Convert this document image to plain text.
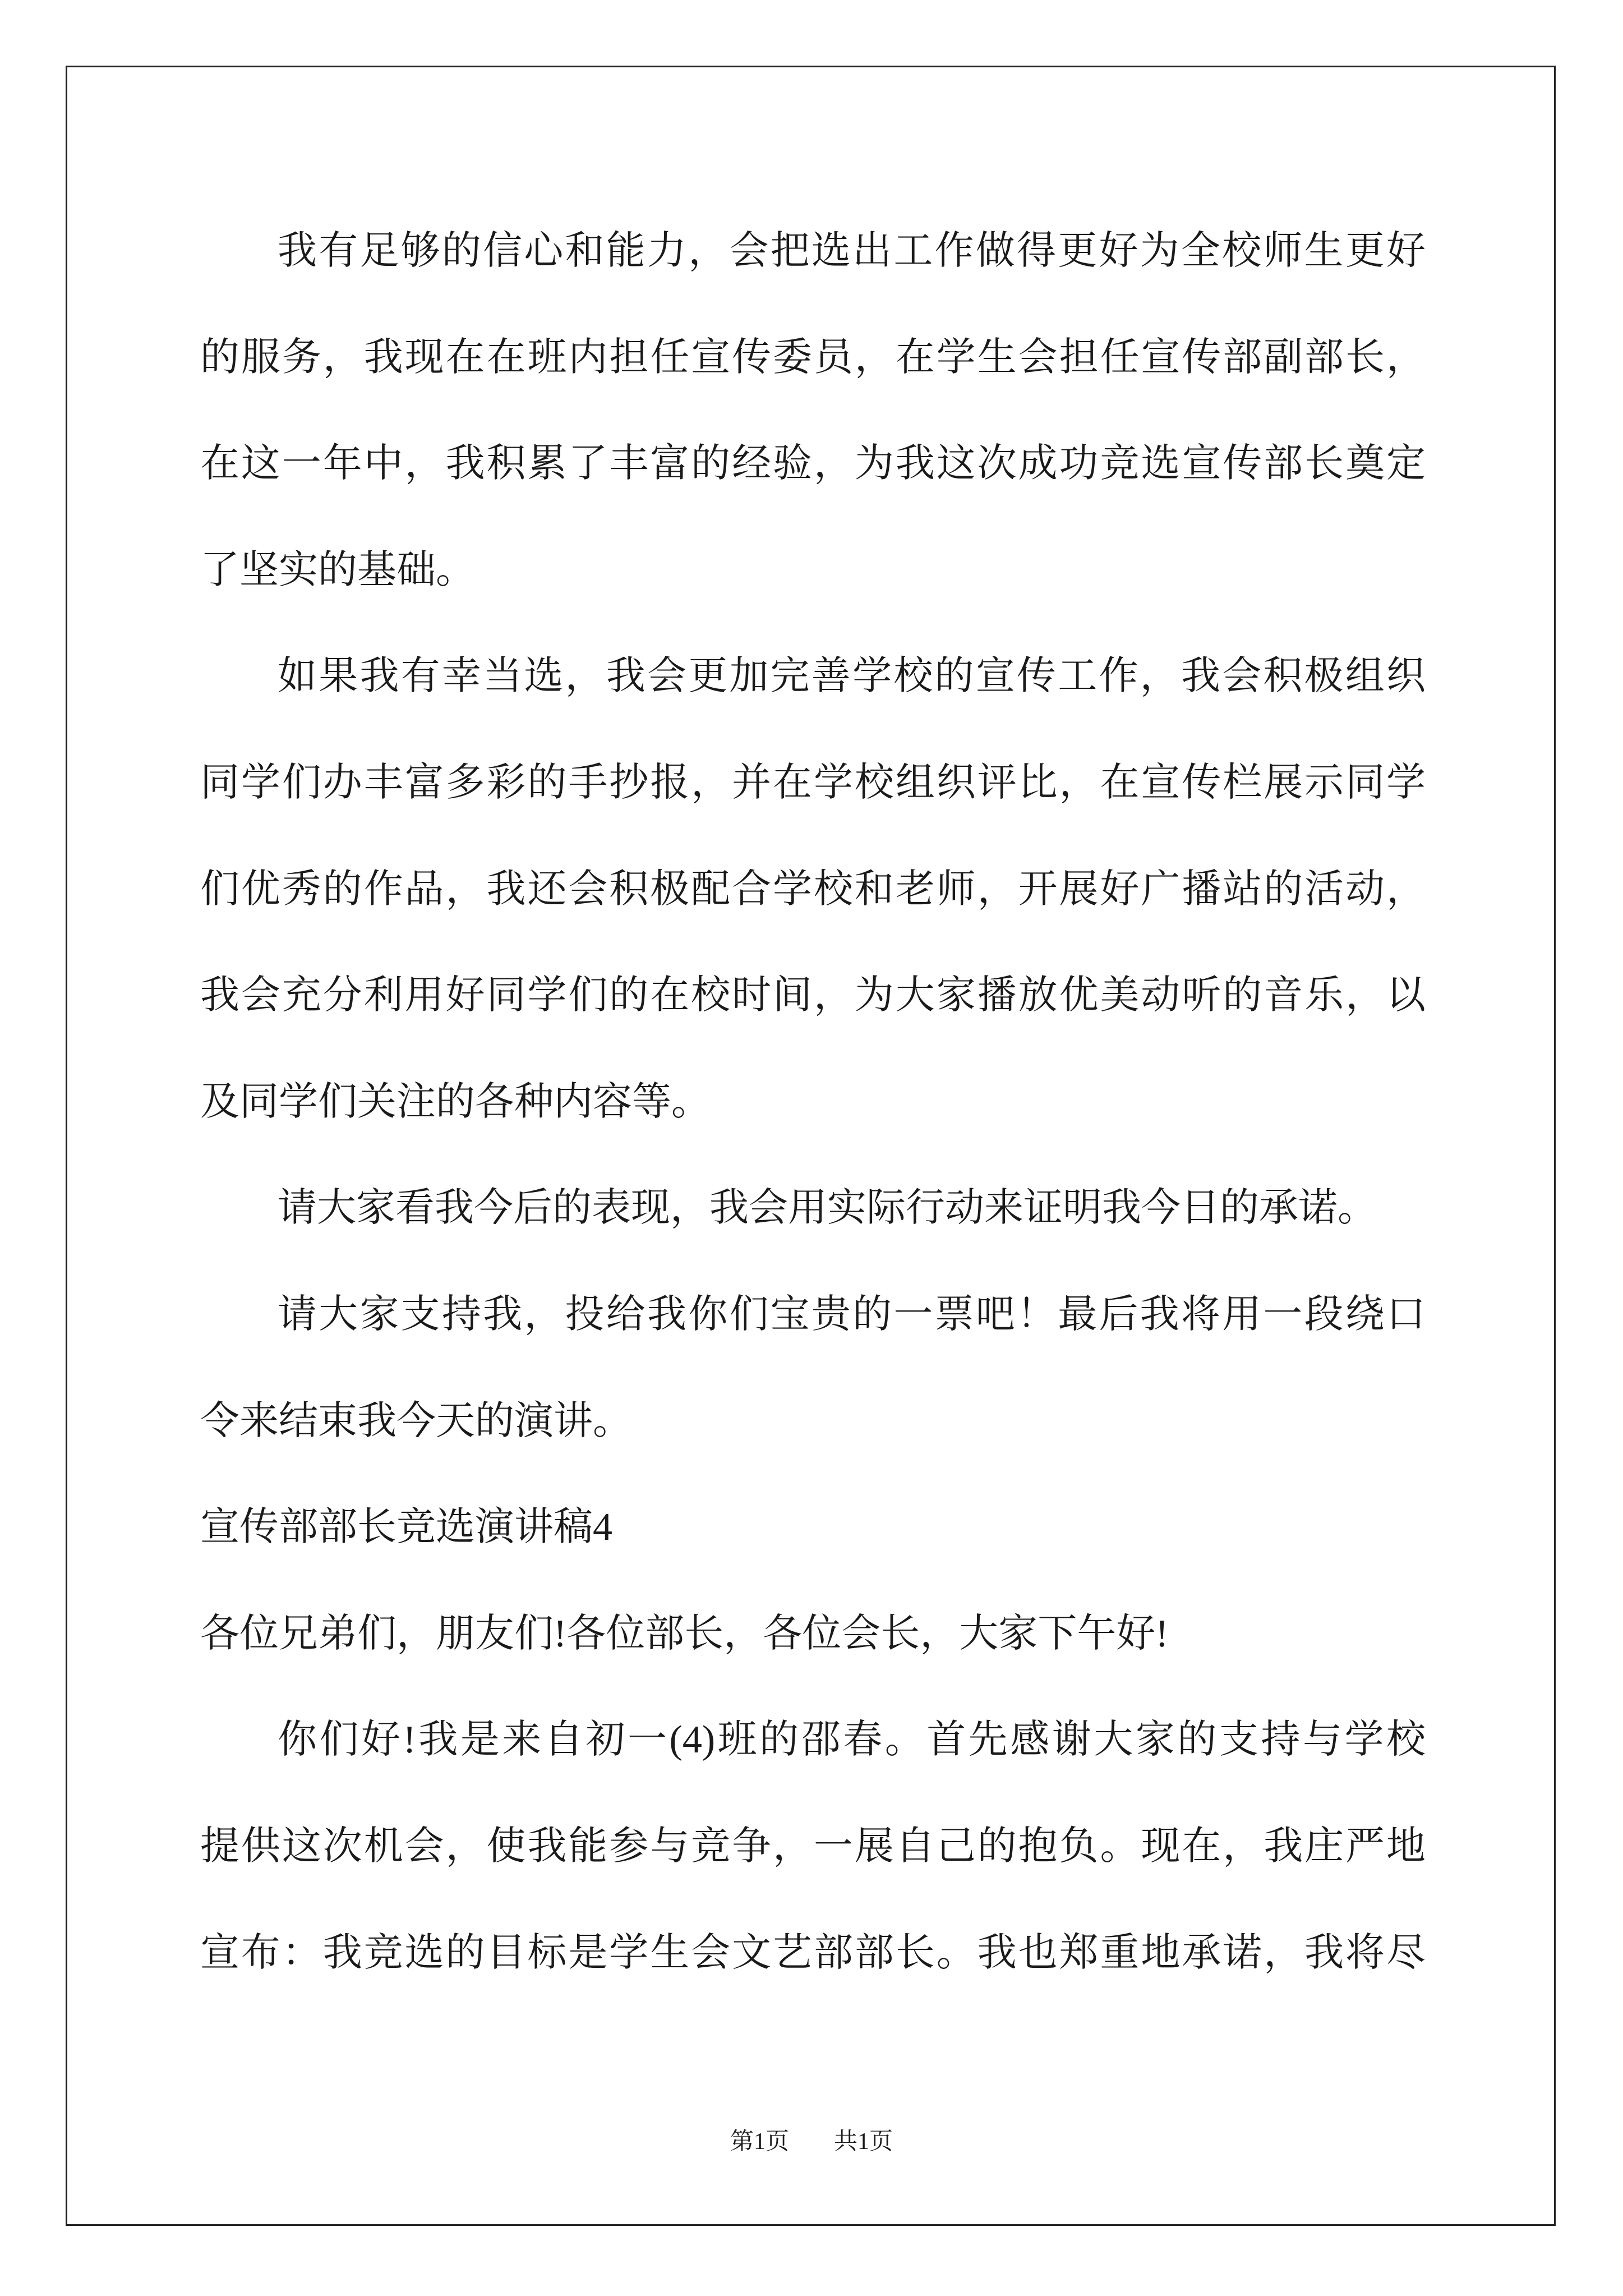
我有足够的信心和能力，会把选出工作做得更好为全校师生更好
的服务，我现在在班内担任宣传委员，在学生会担任宣传部副部长，
在这一年中，我积累了丰富的经验，为我这次成功竞选宣传部长奠定
了坚实的基础。
如果我有幸当选，我会更加完善学校的宣传工作，我会积极组织
同学们办丰富多彩的手抄报，并在学校组织评比，在宣传栏展示同学
们优秀的作品，我还会积极配合学校和老师，开展好广播站的活动，
我会充分利用好同学们的在校时间，为大家播放优美动听的音乐，以
及同学们关注的各种内容等。
请大家看我今后的表现，我会用实际行动来证明我今日的承诺。
请大家支持我，投给我你们宝贵的一票吧！最后我将用一段绕口
令来结束我今天的演讲。
宣传部部长竞选演讲稿4
各位兄弟们，朋友们!各位部长，各位会长，大家下午好!
你们好!我是来自初一(4)班的邵春。首先感谢大家的支持与学校
提供这次机会，使我能参与竞争，一展自己的抱负。现在，我庄严地
宣布：我竞选的目标是学生会文艺部部长。我也郑重地承诺，我将尽
第1页 共1页
